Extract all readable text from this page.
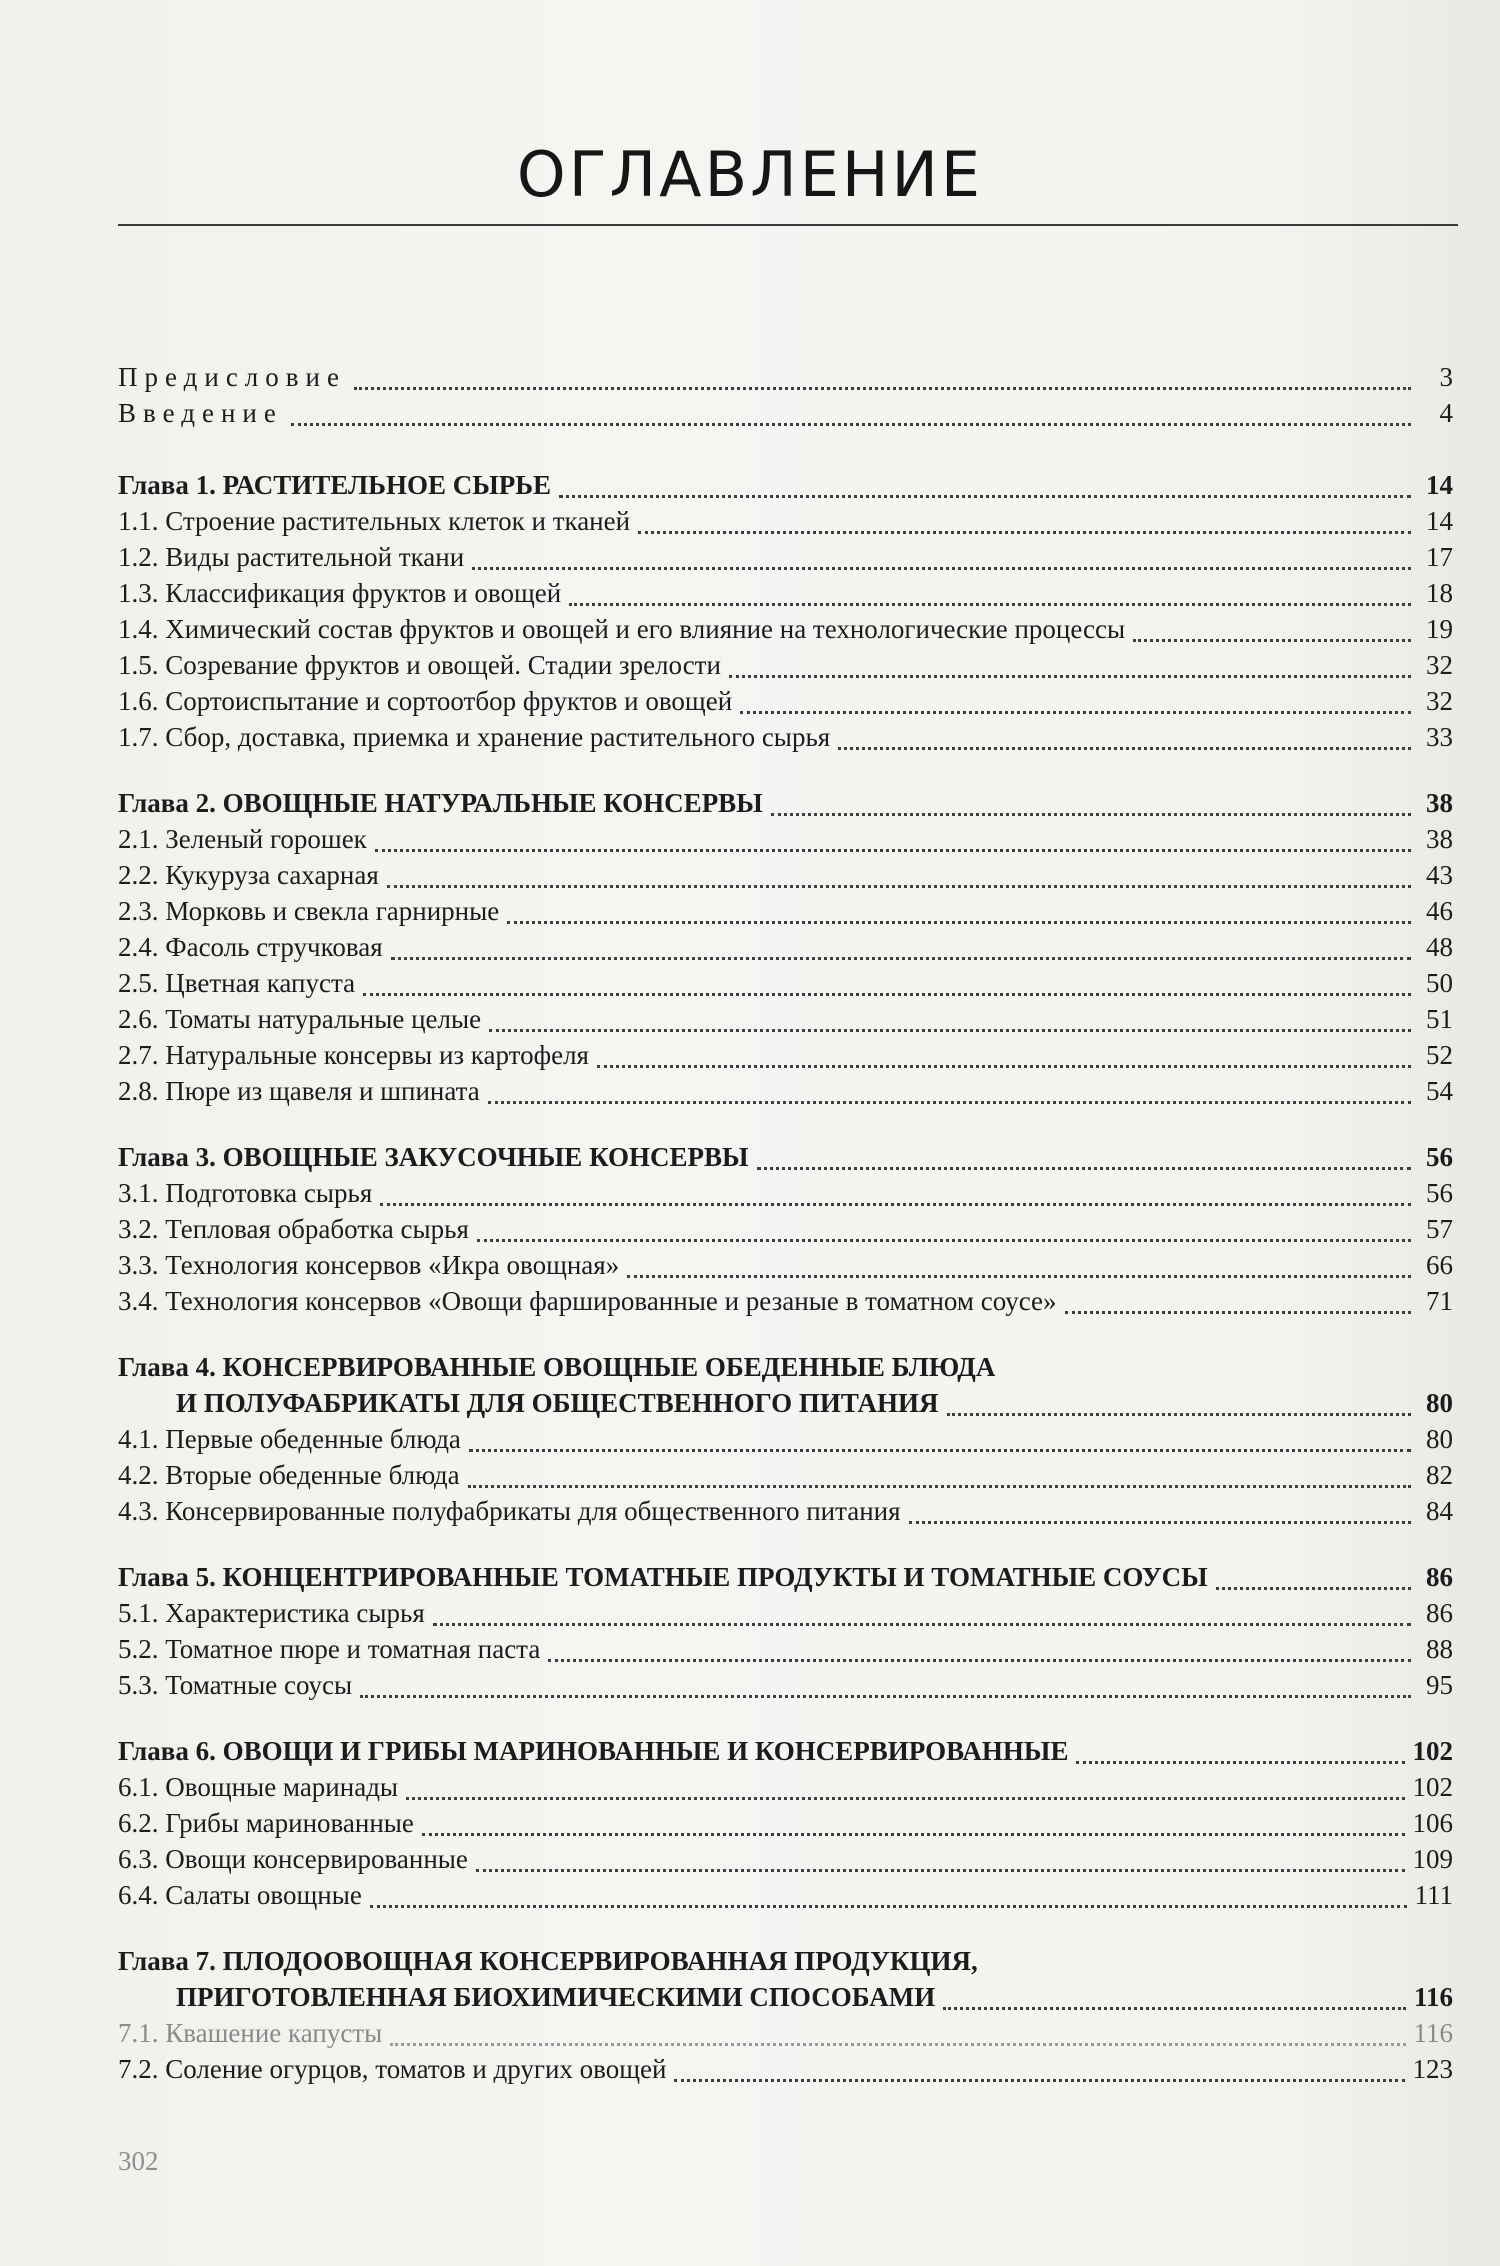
ОГЛАВЛЕНИЕ
Предисловие	3
Введение	4
Глава 1. РАСТИТЕЛЬНОЕ СЫРЬЕ	14
1.1. Строение растительных клеток и тканей	14
1.2. Виды растительной ткани	17
1.3. Классификация фруктов и овощей	18
1.4. Химический состав фруктов и овощей и его влияние на технологические процессы	19
1.5. Созревание фруктов и овощей. Стадии зрелости	32
1.6. Сортоиспытание и сортоотбор фруктов и овощей	32
1.7. Сбор, доставка, приемка и хранение растительного сырья	33
Глава 2. ОВОЩНЫЕ НАТУРАЛЬНЫЕ КОНСЕРВЫ	38
2.1. Зеленый горошек	38
2.2. Кукуруза сахарная	43
2.3. Морковь и свекла гарнирные	46
2.4. Фасоль стручковая	48
2.5. Цветная капуста	50
2.6. Томаты натуральные целые	51
2.7. Натуральные консервы из картофеля	52
2.8. Пюре из щавеля и шпината	54
Глава 3. ОВОЩНЫЕ ЗАКУСОЧНЫЕ КОНСЕРВЫ	56
3.1. Подготовка сырья	56
3.2. Тепловая обработка сырья	57
3.3. Технология консервов «Икра овощная»	66
3.4. Технология консервов «Овощи фаршированные и резаные в томатном соусе»	71
Глава 4. КОНСЕРВИРОВАННЫЕ ОВОЩНЫЕ ОБЕДЕННЫЕ БЛЮДА
И ПОЛУФАБРИКАТЫ ДЛЯ ОБЩЕСТВЕННОГО ПИТАНИЯ	80
4.1. Первые обеденные блюда	80
4.2. Вторые обеденные блюда	82
4.3. Консервированные полуфабрикаты для общественного питания	84
Глава 5. КОНЦЕНТРИРОВАННЫЕ ТОМАТНЫЕ ПРОДУКТЫ И ТОМАТНЫЕ СОУСЫ	86
5.1. Характеристика сырья	86
5.2. Томатное пюре и томатная паста	88
5.3. Томатные соусы	95
Глава 6. ОВОЩИ И ГРИБЫ МАРИНОВАННЫЕ И КОНСЕРВИРОВАННЫЕ	102
6.1. Овощные маринады	102
6.2. Грибы маринованные	106
6.3. Овощи консервированные	109
6.4. Салаты овощные	111
Глава 7. ПЛОДООВОЩНАЯ КОНСЕРВИРОВАННАЯ ПРОДУКЦИЯ,
ПРИГОТОВЛЕННАЯ БИОХИМИЧЕСКИМИ СПОСОБАМИ	116
7.1. Квашение капусты	116
7.2. Соление огурцов, томатов и других овощей	123
302
